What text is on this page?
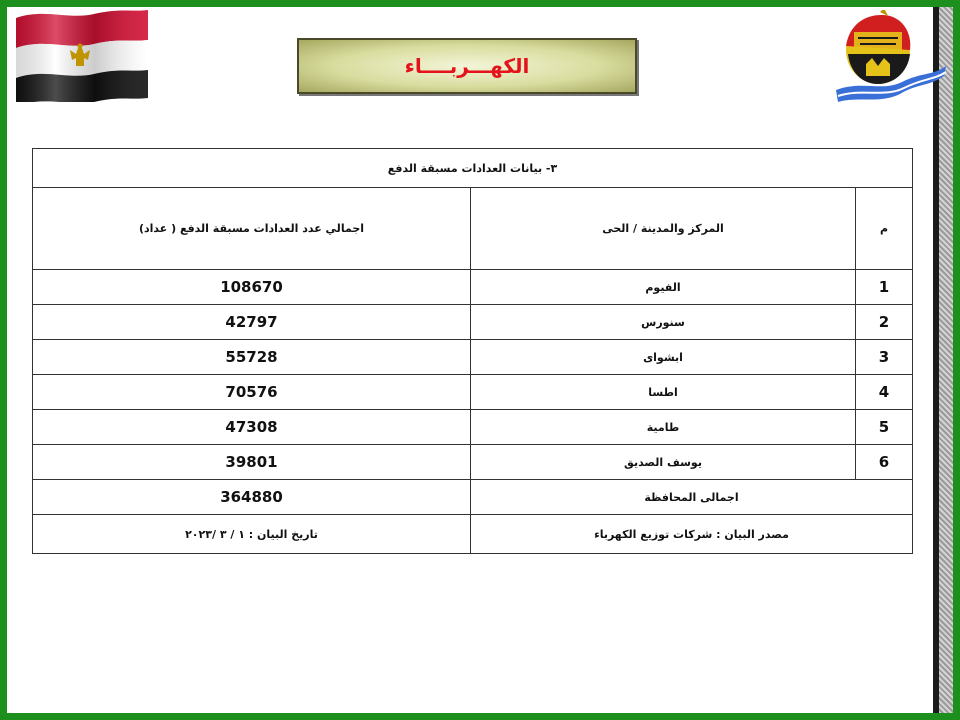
الكهـــربــــاء
٣- بيانات العدادات مسبقة الدفع		
م	المركز والمدينة / الحى	اجمالي عدد العدادات مسبقة الدفع ( عداد)
1	الفيوم	108670
2	سنورس	42797
3	ابشواى	55728
4	اطسا	70576
5	طامية	47308
6	يوسف الصديق	39801
اجمالى المحافظة		364880
مصدر البيان : شركات توزيع الكهرباء		تاريخ البيان : ١ / ٣ /٢٠٢٣
